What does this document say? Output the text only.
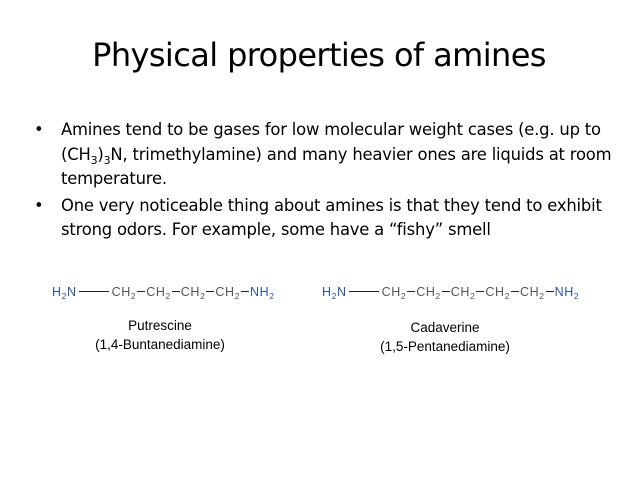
Physical properties of amines
• Amines tend to be gases for low molecular weight cases (e.g. up to $(CH_3)_3N$, trimethylamine) and many heavier ones are liquids at room temperature.
• One very noticeable thing about amines is that they tend to exhibit strong odors. For example, some have a “fishy” smell
$H_2N$	$CH_2$ $CH_2$ $CH_2$ $CH_2$ $NH_2$	$H_2N$	$CH_2$ $CH_2$ $CH_2$ $CH_2$ $CH_2$ $NH_2$
Putrescine
(1,4-Buntanediamine)
Cadaverine
(1,5-Pentanediamine)
